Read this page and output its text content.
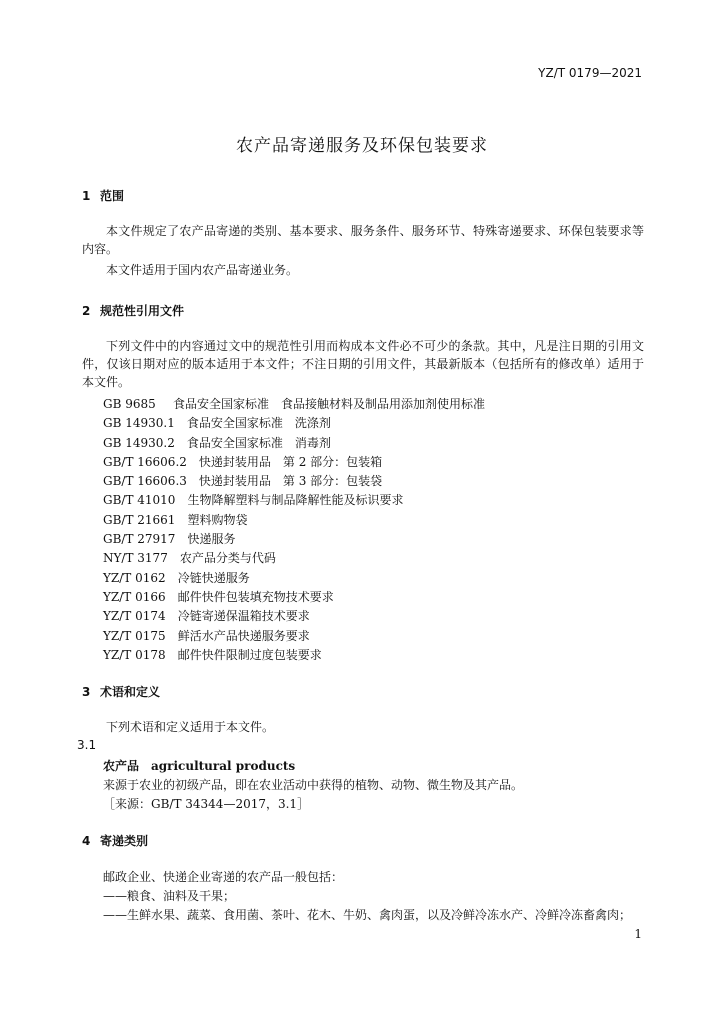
YZ/T 0179—2021
农产品寄递服务及环保包装要求
1 范围
本文件规定了农产品寄递的类别、基本要求、服务条件、服务环节、特殊寄递要求、环保包装要求等内容。
本文件适用于国内农产品寄递业务。
2 规范性引用文件
下列文件中的内容通过文中的规范性引用而构成本文件必不可少的条款。其中，凡是注日期的引用文件，仅该日期对应的版本适用于本文件；不注日期的引用文件，其最新版本（包括所有的修改单）适用于本文件。
GB 9685　 食品安全国家标准　食品接触材料及制品用添加剂使用标准
GB 14930.1　 食品安全国家标准　洗涤剂
GB 14930.2　 食品安全国家标准　消毒剂
GB/T 16606.2　 快递封装用品　第 2 部分：包装箱
GB/T 16606.3　 快递封装用品　第 3 部分：包装袋
GB/T 41010　 生物降解塑料与制品降解性能及标识要求
GB/T 21661　 塑料购物袋
GB/T 27917　 快递服务
NY/T 3177　 农产品分类与代码
YZ/T 0162　 冷链快递服务
YZ/T 0166　 邮件快件包装填充物技术要求
YZ/T 0174　 冷链寄递保温箱技术要求
YZ/T 0175　 鲜活水产品快递服务要求
YZ/T 0178　 邮件快件限制过度包装要求
3 术语和定义
下列术语和定义适用于本文件。
3.1
农产品　agricultural products
来源于农业的初级产品，即在农业活动中获得的植物、动物、微生物及其产品。
［来源：GB/T 34344—2017，3.1］
4 寄递类别
邮政企业、快递企业寄递的农产品一般包括：
——粮食、油料及干果；
——生鲜水果、蔬菜、食用菌、茶叶、花木、牛奶、禽肉蛋，以及冷鲜冷冻水产、冷鲜冷冻畜禽肉；
1
